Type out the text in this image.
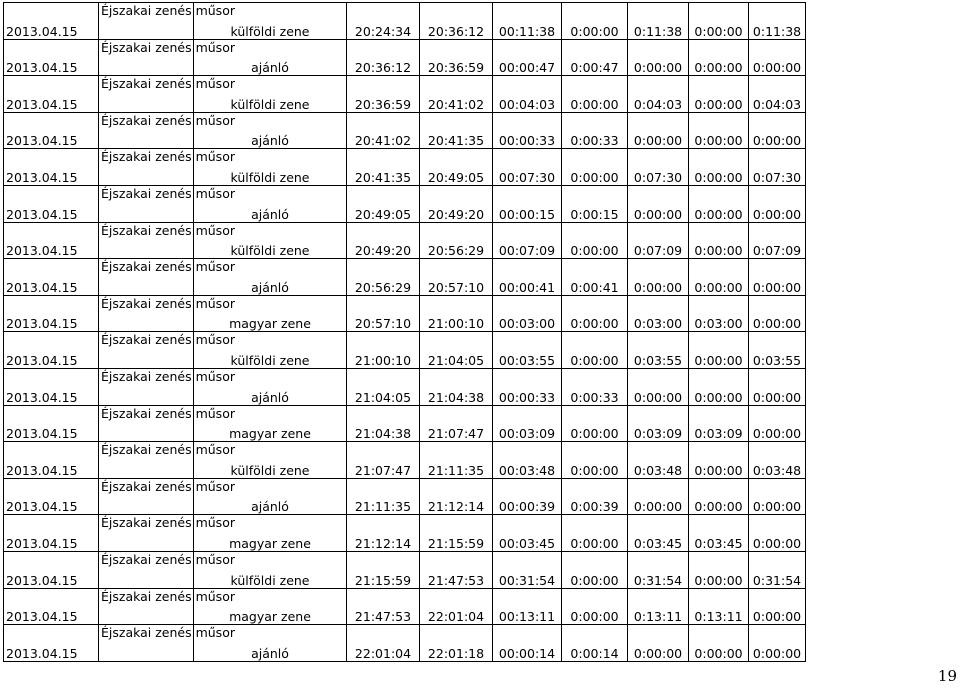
2013.04.15	Éjszakai zenés műsor	külföldi zene	20:24:34	20:36:12	00:11:38	0:00:00	0:11:38	0:00:00	0:11:38
2013.04.15	Éjszakai zenés műsor	ajánló	20:36:12	20:36:59	00:00:47	0:00:47	0:00:00	0:00:00	0:00:00
2013.04.15	Éjszakai zenés műsor	külföldi zene	20:36:59	20:41:02	00:04:03	0:00:00	0:04:03	0:00:00	0:04:03
2013.04.15	Éjszakai zenés műsor	ajánló	20:41:02	20:41:35	00:00:33	0:00:33	0:00:00	0:00:00	0:00:00
2013.04.15	Éjszakai zenés műsor	külföldi zene	20:41:35	20:49:05	00:07:30	0:00:00	0:07:30	0:00:00	0:07:30
2013.04.15	Éjszakai zenés műsor	ajánló	20:49:05	20:49:20	00:00:15	0:00:15	0:00:00	0:00:00	0:00:00
2013.04.15	Éjszakai zenés műsor	külföldi zene	20:49:20	20:56:29	00:07:09	0:00:00	0:07:09	0:00:00	0:07:09
2013.04.15	Éjszakai zenés műsor	ajánló	20:56:29	20:57:10	00:00:41	0:00:41	0:00:00	0:00:00	0:00:00
2013.04.15	Éjszakai zenés műsor	magyar zene	20:57:10	21:00:10	00:03:00	0:00:00	0:03:00	0:03:00	0:00:00
2013.04.15	Éjszakai zenés műsor	külföldi zene	21:00:10	21:04:05	00:03:55	0:00:00	0:03:55	0:00:00	0:03:55
2013.04.15	Éjszakai zenés műsor	ajánló	21:04:05	21:04:38	00:00:33	0:00:33	0:00:00	0:00:00	0:00:00
2013.04.15	Éjszakai zenés műsor	magyar zene	21:04:38	21:07:47	00:03:09	0:00:00	0:03:09	0:03:09	0:00:00
2013.04.15	Éjszakai zenés műsor	külföldi zene	21:07:47	21:11:35	00:03:48	0:00:00	0:03:48	0:00:00	0:03:48
2013.04.15	Éjszakai zenés műsor	ajánló	21:11:35	21:12:14	00:00:39	0:00:39	0:00:00	0:00:00	0:00:00
2013.04.15	Éjszakai zenés műsor	magyar zene	21:12:14	21:15:59	00:03:45	0:00:00	0:03:45	0:03:45	0:00:00
2013.04.15	Éjszakai zenés műsor	külföldi zene	21:15:59	21:47:53	00:31:54	0:00:00	0:31:54	0:00:00	0:31:54
2013.04.15	Éjszakai zenés műsor	magyar zene	21:47:53	22:01:04	00:13:11	0:00:00	0:13:11	0:13:11	0:00:00
2013.04.15	Éjszakai zenés műsor	ajánló	22:01:04	22:01:18	00:00:14	0:00:14	0:00:00	0:00:00	0:00:00
19
